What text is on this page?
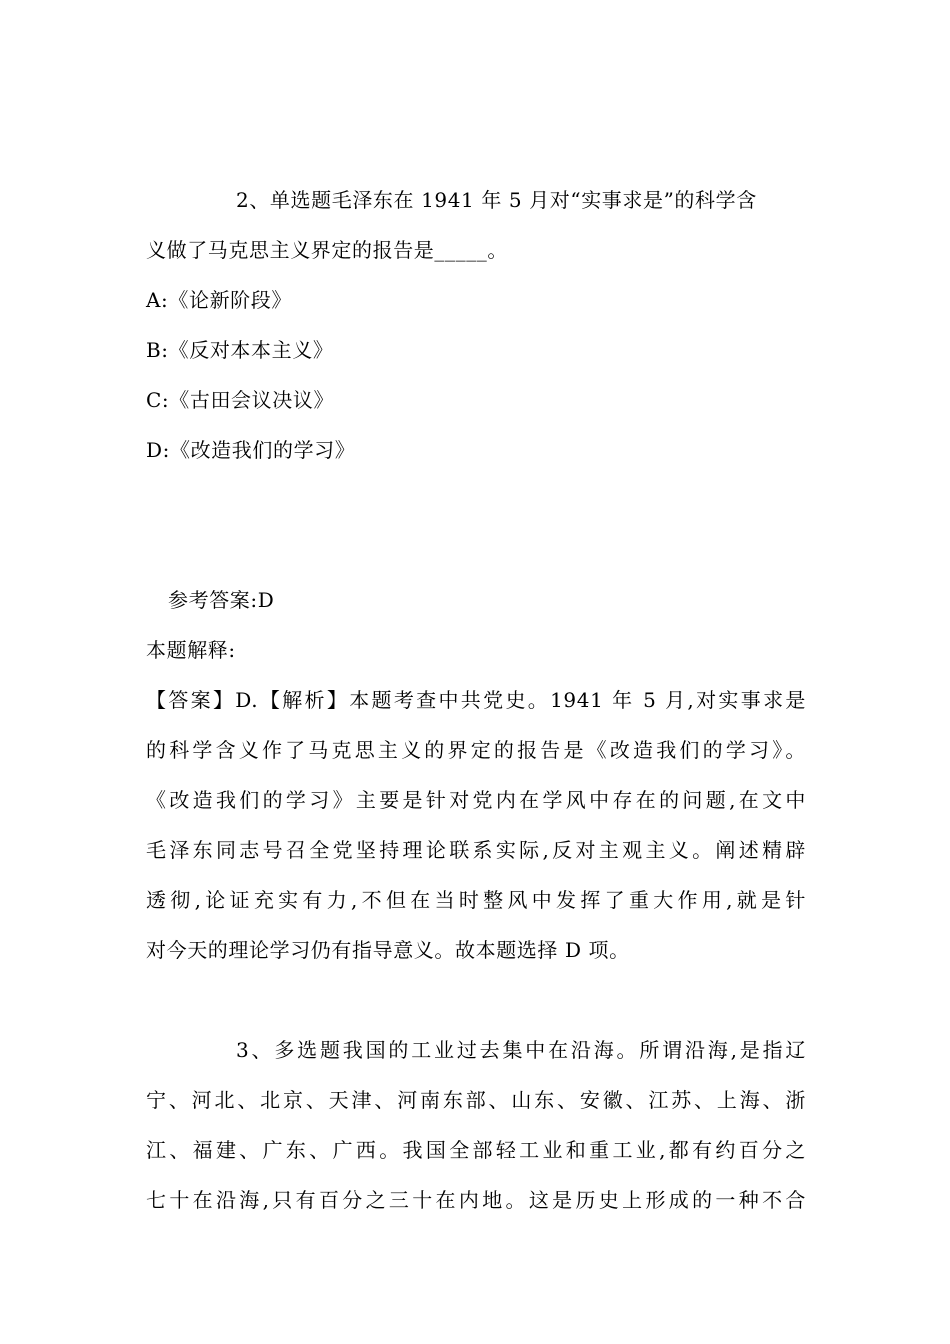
2、单选题毛泽东在 1941 年 5 月对“实事求是”的科学含
义做了马克思主义界定的报告是_____。
A:《论新阶段》
B:《反对本本主义》
C:《古田会议决议》
D:《改造我们的学习》
参考答案:D
本题解释:
【答案】D.【解析】本题考查中共党史。1941 年 5 月,对实事求是
的科学含义作了马克思主义的界定的报告是《改造我们的学习》。
《改造我们的学习》主要是针对党内在学风中存在的问题,在文中
毛泽东同志号召全党坚持理论联系实际,反对主观主义。阐述精辟
透彻,论证充实有力,不但在当时整风中发挥了重大作用,就是针
对今天的理论学习仍有指导意义。故本题选择 D 项。
3、多选题我国的工业过去集中在沿海。所谓沿海,是指辽
宁、河北、北京、天津、河南东部、山东、安徽、江苏、上海、浙
江、福建、广东、广西。我国全部轻工业和重工业,都有约百分之
七十在沿海,只有百分之三十在内地。这是历史上形成的一种不合
